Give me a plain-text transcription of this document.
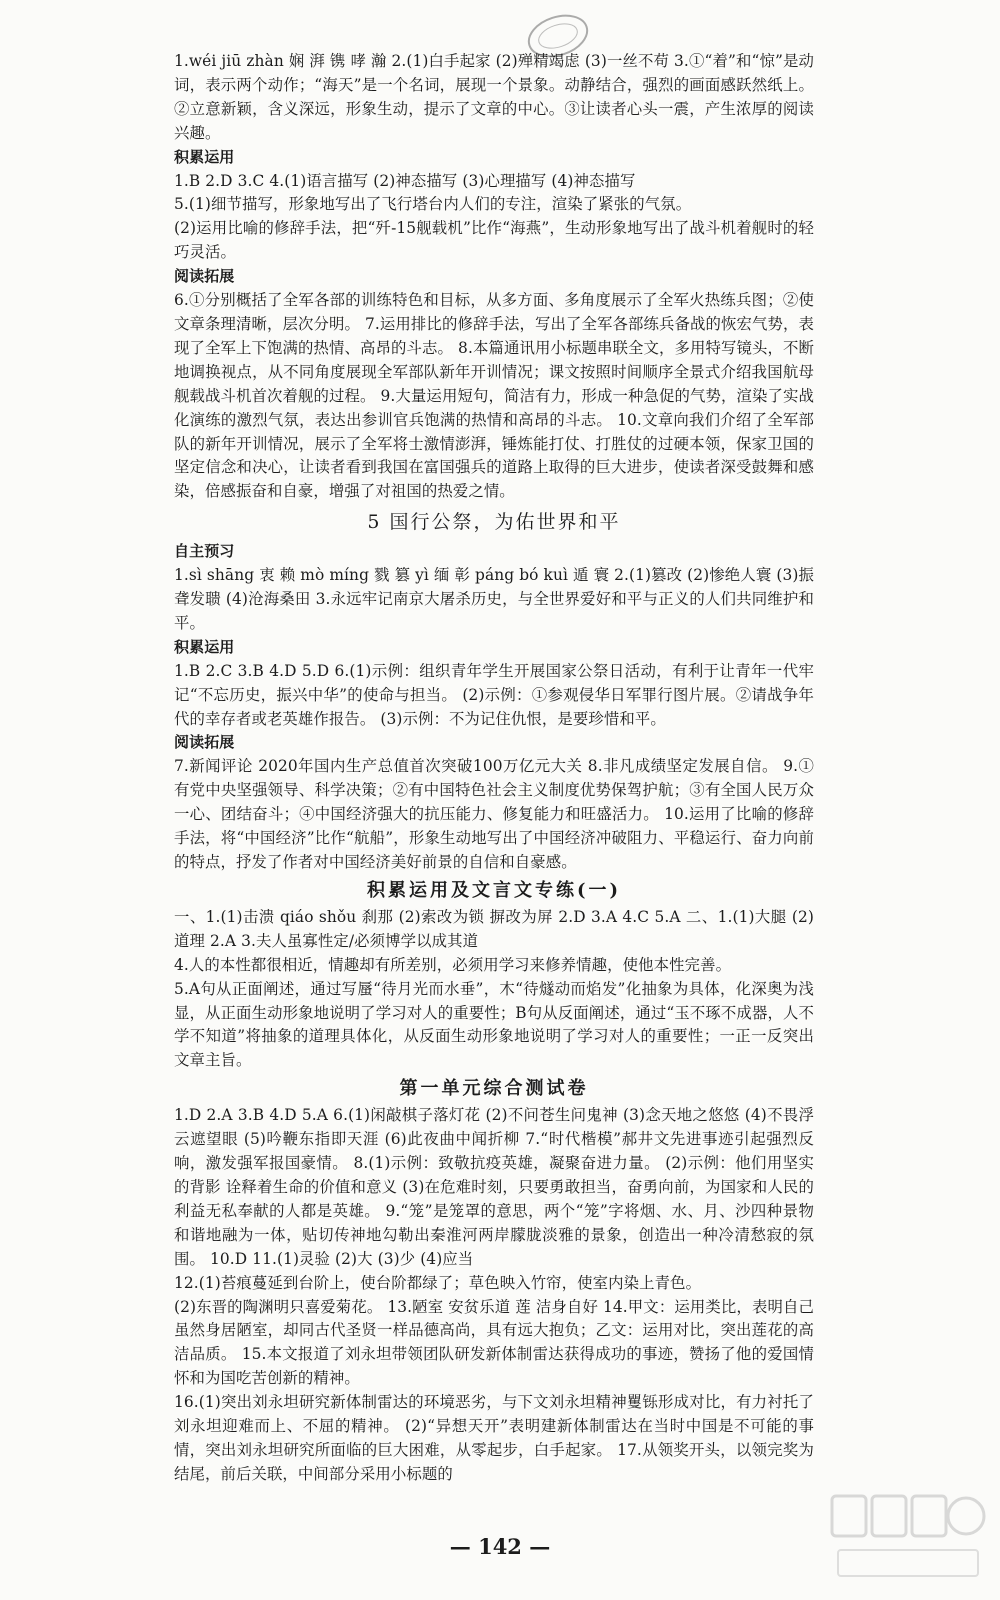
1.wéi jiū zhàn 娴 湃 镌 哮 瀚 2.(1)白手起家 (2)殚精竭虑 (3)一丝不苟 3.①“着”和“惊”是动词，表示两个动作；“海天”是一个名词，展现一个景象。动静结合，强烈的画面感跃然纸上。②立意新颖，含义深远，形象生动，提示了文章的中心。③让读者心头一震，产生浓厚的阅读兴趣。

积累运用

1.B 2.D 3.C 4.(1)语言描写 (2)神态描写 (3)心理描写 (4)神态描写

5.(1)细节描写，形象地写出了飞行塔台内人们的专注，渲染了紧张的气氛。

(2)运用比喻的修辞手法，把“歼-15舰载机”比作“海燕”，生动形象地写出了战斗机着舰时的轻巧灵活。

阅读拓展

6.①分别概括了全军各部的训练特色和目标，从多方面、多角度展示了全军火热练兵图；②使文章条理清晰，层次分明。 7.运用排比的修辞手法，写出了全军各部练兵备战的恢宏气势，表现了全军上下饱满的热情、高昂的斗志。 8.本篇通讯用小标题串联全文，多用特写镜头，不断地调换视点，从不同角度展现全军部队新年开训情况；课文按照时间顺序全景式介绍我国航母舰载战斗机首次着舰的过程。 9.大量运用短句，简洁有力，形成一种急促的气势，渲染了实战化演练的激烈气氛，表达出参训官兵饱满的热情和高昂的斗志。 10.文章向我们介绍了全军部队的新年开训情况，展示了全军将士激情澎湃，锤炼能打仗、打胜仗的过硬本领，保家卫国的坚定信念和决心，让读者看到我国在富国强兵的道路上取得的巨大进步，使读者深受鼓舞和感染，倍感振奋和自豪，增强了对祖国的热爱之情。

5 国行公祭，为佑世界和平

自主预习

1.sì shāng 衷 赖 mò míng 戮 篡 yì 缅 彰 páng bó kuì 遁 寰 2.(1)篡改 (2)惨绝人寰 (3)振聋发聩 (4)沧海桑田 3.永远牢记南京大屠杀历史，与全世界爱好和平与正义的人们共同维护和平。

积累运用

1.B 2.C 3.B 4.D 5.D 6.(1)示例：组织青年学生开展国家公祭日活动，有利于让青年一代牢记“不忘历史，振兴中华”的使命与担当。 (2)示例：①参观侵华日军罪行图片展。②请战争年代的幸存者或老英雄作报告。 (3)示例：不为记住仇恨，是要珍惜和平。

阅读拓展

7.新闻评论 2020年国内生产总值首次突破100万亿元大关 8.非凡成绩坚定发展自信。 9.①有党中央坚强领导、科学决策；②有中国特色社会主义制度优势保驾护航；③有全国人民万众一心、团结奋斗；④中国经济强大的抗压能力、修复能力和旺盛活力。 10.运用了比喻的修辞手法，将“中国经济”比作“航船”，形象生动地写出了中国经济冲破阻力、平稳运行、奋力向前的特点，抒发了作者对中国经济美好前景的自信和自豪感。

积累运用及文言文专练(一)

一、1.(1)击溃 qiáo shǒu 刹那 (2)索改为锁 摒改为屏 2.D 3.A 4.C 5.A 二、1.(1)大腿 (2)道理 2.A 3.夫人虽寡性定/必须博学以成其道

4.人的本性都很相近，情趣却有所差别，必须用学习来修养情趣，使他本性完善。

5.A句从正面阐述，通过写蜃“待月光而水垂”，木“待燧动而焰发”化抽象为具体，化深奥为浅显，从正面生动形象地说明了学习对人的重要性；B句从反面阐述，通过“玉不琢不成器，人不学不知道”将抽象的道理具体化，从反面生动形象地说明了学习对人的重要性；一正一反突出文章主旨。

第一单元综合测试卷

1.D 2.A 3.B 4.D 5.A 6.(1)闲敲棋子落灯花 (2)不问苍生问鬼神 (3)念天地之悠悠 (4)不畏浮云遮望眼 (5)吟鞭东指即天涯 (6)此夜曲中闻折柳 7.“时代楷模”郝井文先进事迹引起强烈反响，激发强军报国豪情。 8.(1)示例：致敬抗疫英雄，凝聚奋进力量。 (2)示例：他们用坚实的背影 诠释着生命的价值和意义 (3)在危难时刻，只要勇敢担当，奋勇向前，为国家和人民的利益无私奉献的人都是英雄。 9.“笼”是笼罩的意思，两个“笼”字将烟、水、月、沙四种景物和谐地融为一体，贴切传神地勾勒出秦淮河两岸朦胧淡雅的景象，创造出一种冷清愁寂的氛围。 10.D 11.(1)灵验 (2)大 (3)少 (4)应当

12.(1)苔痕蔓延到台阶上，使台阶都绿了；草色映入竹帘，使室内染上青色。

(2)东晋的陶渊明只喜爱菊花。 13.陋室 安贫乐道 莲 洁身自好 14.甲文：运用类比，表明自己虽然身居陋室，却同古代圣贤一样品德高尚，具有远大抱负；乙文：运用对比，突出莲花的高洁品质。 15.本文报道了刘永坦带领团队研发新体制雷达获得成功的事迹，赞扬了他的爱国情怀和为国吃苦创新的精神。

16.(1)突出刘永坦研究新体制雷达的环境恶劣，与下文刘永坦精神矍铄形成对比，有力衬托了刘永坦迎难而上、不屈的精神。 (2)“异想天开”表明建新体制雷达在当时中国是不可能的事情，突出刘永坦研究所面临的巨大困难，从零起步，白手起家。 17.从领奖开头，以领完奖为结尾，前后关联，中间部分采用小标题的

— 142 —
